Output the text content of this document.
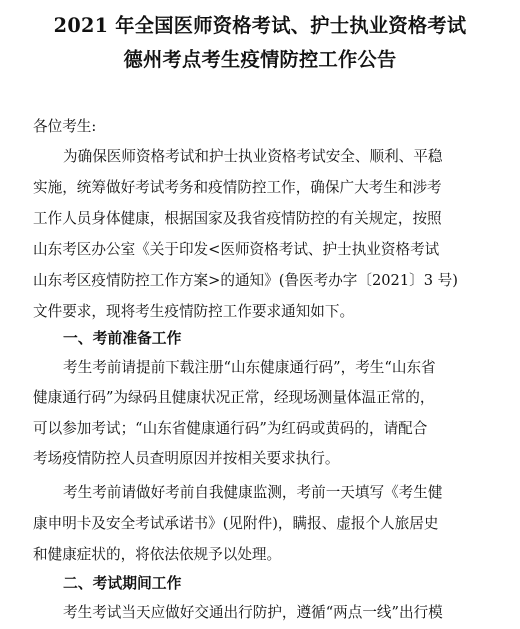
2021 年全国医师资格考试、护士执业资格考试
德州考点考生疫情防控工作公告
各位考生:
为确保医师资格考试和护士执业资格考试安全、顺利、平稳
实施，统筹做好考试考务和疫情防控工作，确保广大考生和涉考
工作人员身体健康，根据国家及我省疫情防控的有关规定，按照
山东考区办公室《关于印发<医师资格考试、护士执业资格考试
山东考区疫情防控工作方案>的通知》(鲁医考办字〔2021〕3 号)
文件要求，现将考生疫情防控工作要求通知如下。
一、考前准备工作
考生考前请提前下载注册“山东健康通行码”，考生“山东省
健康通行码”为绿码且健康状况正常，经现场测量体温正常的，
可以参加考试；“山东省健康通行码”为红码或黄码的，请配合
考场疫情防控人员查明原因并按相关要求执行。
考生考前请做好考前自我健康监测，考前一天填写《考生健
康申明卡及安全考试承诺书》(见附件)，瞒报、虚报个人旅居史
和健康症状的，将依法依规予以处理。
二、考试期间工作
考生考试当天应做好交通出行防护，遵循“两点一线”出行模
